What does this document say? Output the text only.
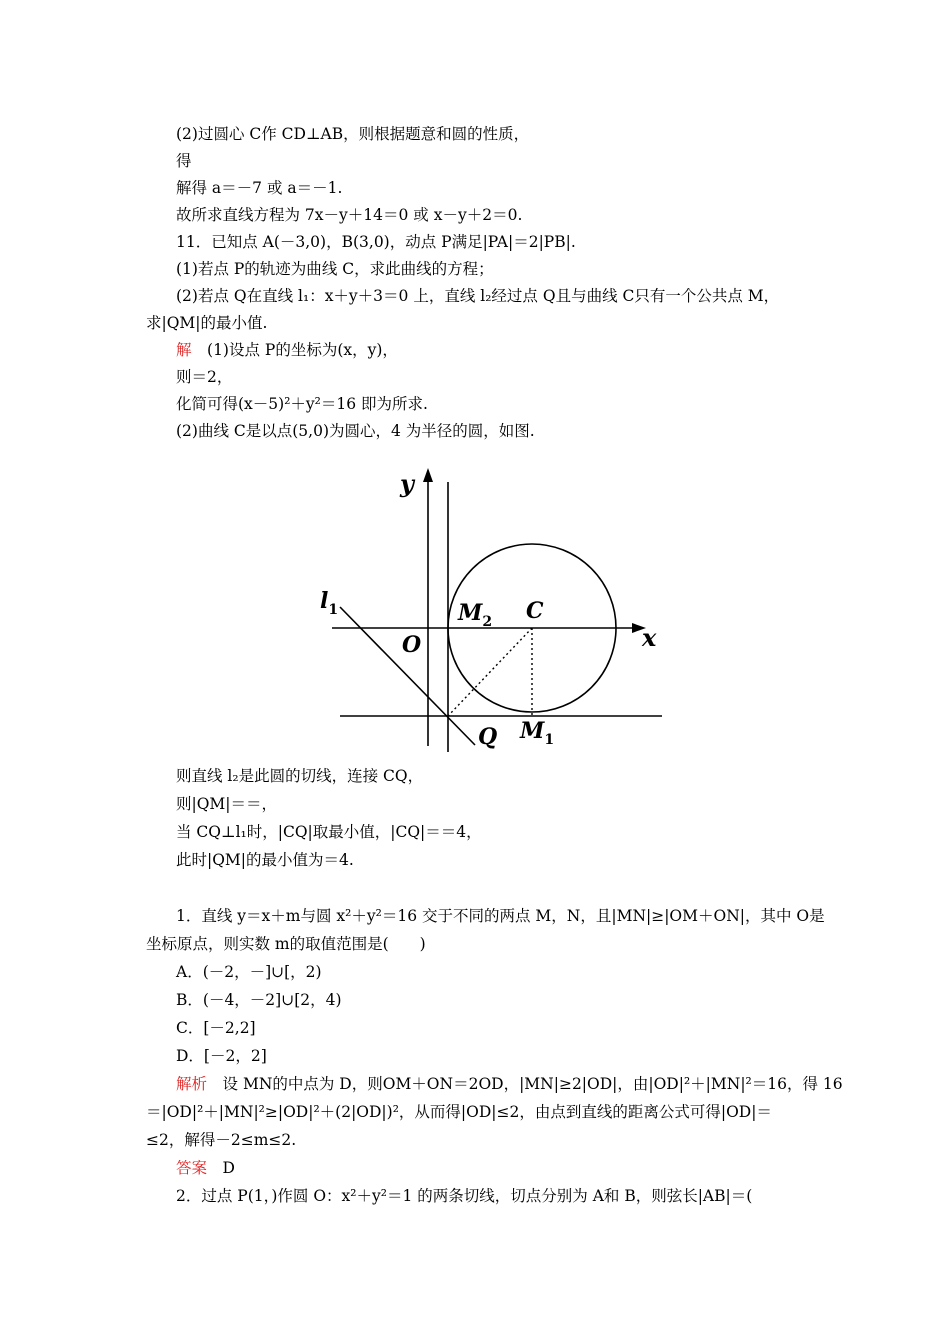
(2)过圆心 C作 CD⊥AB，则根据题意和圆的性质，
得
解得 a＝－7 或 a＝－1.
故所求直线方程为 7x－y＋14＝0 或 x－y＋2＝0.
11．已知点 A(－3,0)，B(3,0)，动点 P满足|PA|＝2|PB|.
(1)若点 P的轨迹为曲线 C，求此曲线的方程；
(2)若点 Q在直线 l₁：x＋y＋3＝0 上，直线 l₂经过点 Q且与曲线 C只有一个公共点 M，
求|QM|的最小值.
解　(1)设点 P的坐标为(x，y)，
则＝2，
化简可得(x－5)²＋y²＝16 即为所求.
(2)曲线 C是以点(5,0)为圆心，4 为半径的圆，如图.
y
x
O
C
$M_2$
$M_1$
Q
$l_1$
则直线 l₂是此圆的切线，连接 CQ，
则|QM|＝＝，
当 CQ⊥l₁时，|CQ|取最小值，|CQ|＝＝4，
此时|QM|的最小值为＝4.
1．直线 y＝x＋m与圆 x²＋y²＝16 交于不同的两点 M，N，且|MN|≥|OM＋ON|，其中 O是
坐标原点，则实数 m的取值范围是(　　)
A．(－2，－]∪[，2)
B．(－4，－2]∪[2，4)
C．[－2,2]
D．[－2，2]
解析　设 MN的中点为 D，则OM＋ON＝2OD，|MN|≥2|OD|，由|OD|²＋|MN|²＝16，得 16
＝|OD|²＋|MN|²≥|OD|²＋(2|OD|)²，从而得|OD|≤2，由点到直线的距离公式可得|OD|＝
≤2，解得－2≤m≤2.
答案　D
2．过点 P(1，)作圆 O：x²＋y²＝1 的两条切线，切点分别为 A和 B，则弦长|AB|＝(
